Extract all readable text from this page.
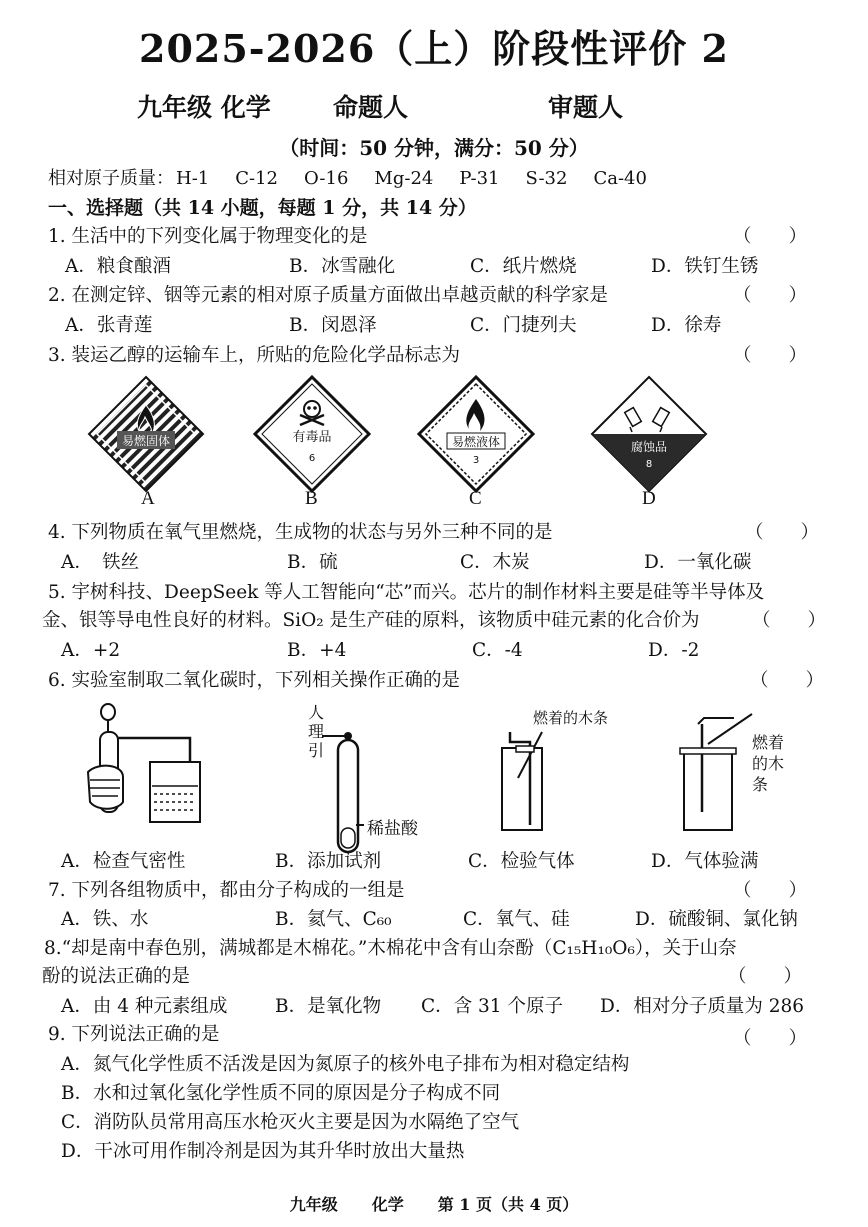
2025-2026（上）阶段性评价 2
九年级 化学 命题人	审题人
（时间：50 分钟，满分：50 分）
相对原子质量： H-1 C-12 O-16 Mg-24 P-31 S-32 Ca-40
一、选择题（共 14 小题，每题 1 分，共 14 分）
1. 生活中的下列变化属于物理变化的是	（　　）
A．粮食酿酒	B．冰雪融化	C．纸片燃烧	D．铁钉生锈
2. 在测定锌、铟等元素的相对原子质量方面做出卓越贡献的科学家是	（　　）
A．张青莲	B．闵恩泽	C．门捷列夫	D．徐寿
3. 装运乙醇的运输车上，所贴的危险化学品标志为	（　　）
易燃固体	有毒品
6
易燃液体
3
腐蚀品
8
A	B	C	D
4. 下列物质在氧气里燃烧，生成物的状态与另外三种不同的是	（　　）
A．　铁丝	B．硫	C．木炭	D．一氧化碳
5. 宇树科技、DeepSeek 等人工智能向“芯”而兴。芯片的制作材料主要是硅等半导体及
金、银等导电性良好的材料。SiO₂ 是生产硅的原料，该物质中硅元素的化合价为	（　　）
A．+2	B．+4	C．-4	D．-2
6. 实验室制取二氧化碳时，下列相关操作正确的是	（　　）
人理引
稀盐酸
燃着的木条
燃着的木条
A．检查气密性	B．添加试剂	C．检验气体	D．气体验满
7. 下列各组物质中，都由分子构成的一组是	（　　）
A．铁、水	B．氦气、C₆₀	C．氧气、硅	D．硫酸铜、氯化钠
8.“却是南中春色别，满城都是木棉花。”木棉花中含有山奈酚（C₁₅H₁₀O₆），关于山奈
酚的说法正确的是	（　　）
A．由 4 种元素组成	B．是氧化物 C．含 31 个原子 D．相对分子质量为 286
9. 下列说法正确的是	（　　）
A．氮气化学性质不活泼是因为氮原子的核外电子排布为相对稳定结构
B．水和过氧化氢化学性质不同的原因是分子构成不同
C．消防队员常用高压水枪灭火主要是因为水隔绝了空气
D．干冰可用作制冷剂是因为其升华时放出大量热
九年级 化学 第 1 页（共 4 页）
